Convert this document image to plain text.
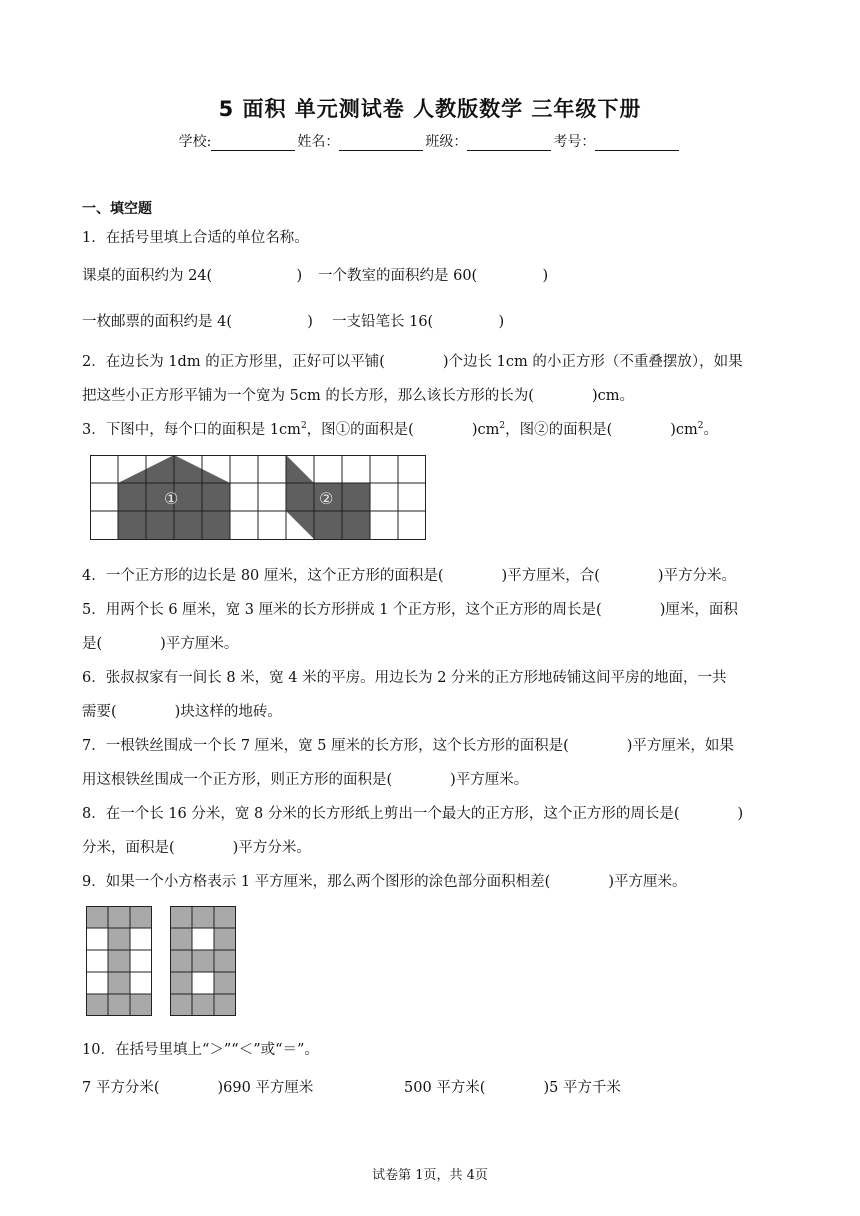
5 面积 单元测试卷 人教版数学 三年级下册
学校:	姓名：	班级：	考号：
一、填空题
1．在括号里填上合适的单位名称。
课桌的面积约为 24(	) 一个教室的面积约是 60(	)
一枚邮票的面积约是 4(	) 一支铅笔长 16(	)
2．在边长为 1dm 的正方形里，正好可以平铺(　　　　)个边长 1cm 的小正方形（不重叠摆放），如果
把这些小正方形平铺为一个宽为 5cm 的长方形，那么该长方形的长为(　　　　)cm。
3．下图中，每个口的面积是 $1cm^2$，图①的面积是(　　　　)$cm^2$，图②的面积是(　　　　)$cm^2$。
①	②
4．一个正方形的边长是 80 厘米，这个正方形的面积是(　　　　)平方厘米，合(　　　　)平方分米。
5．用两个长 6 厘米，宽 3 厘米的长方形拼成 1 个正方形，这个正方形的周长是(　　　　)厘米，面积
是(　　　　)平方厘米。
6．张叔叔家有一间长 8 米，宽 4 米的平房。用边长为 2 分米的正方形地砖铺这间平房的地面，一共
需要(　　　　)块这样的地砖。
7．一根铁丝围成一个长 7 厘米，宽 5 厘米的长方形，这个长方形的面积是(　　　　)平方厘米，如果
用这根铁丝围成一个正方形，则正方形的面积是(　　　　)平方厘米。
8．在一个长 16 分米，宽 8 分米的长方形纸上剪出一个最大的正方形，这个正方形的周长是(　　　　)
分米，面积是(　　　　)平方分米。
9．如果一个小方格表示 1 平方厘米，那么两个图形的涂色部分面积相差(　　　　)平方厘米。
10．在括号里填上“＞”“＜”或“＝”。
7 平方分米(　　　　)690 平方厘米	500 平方米(　　　　)5 平方千米
试卷第 1页，共 4页
